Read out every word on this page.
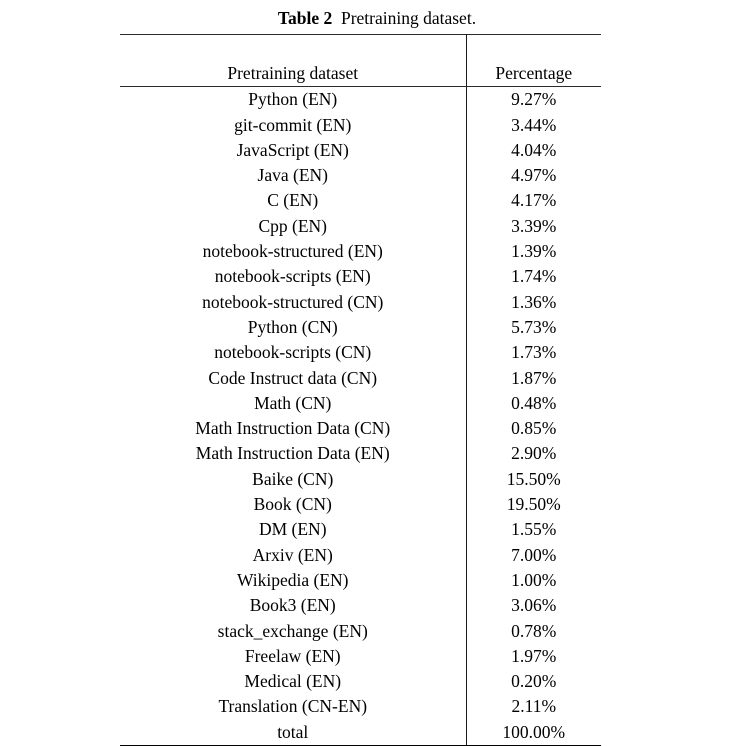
Table 2 Pretraining dataset.

Pretraining dataset	Percentage
Python (EN)	9.27%
git-commit (EN)	3.44%
JavaScript (EN)	4.04%
Java (EN)	4.97%
C (EN)	4.17%
Cpp (EN)	3.39%
notebook-structured (EN)	1.39%
notebook-scripts (EN)	1.74%
notebook-structured (CN)	1.36%
Python (CN)	5.73%
notebook-scripts (CN)	1.73%
Code Instruct data (CN)	1.87%
Math (CN)	0.48%
Math Instruction Data (CN)	0.85%
Math Instruction Data (EN)	2.90%
Baike (CN)	15.50%
Book (CN)	19.50%
DM (EN)	1.55%
Arxiv (EN)	7.00%
Wikipedia (EN)	1.00%
Book3 (EN)	3.06%
stack_exchange (EN)	0.78%
Freelaw (EN)	1.97%
Medical (EN)	0.20%
Translation (CN-EN)	2.11%
total	100.00%
